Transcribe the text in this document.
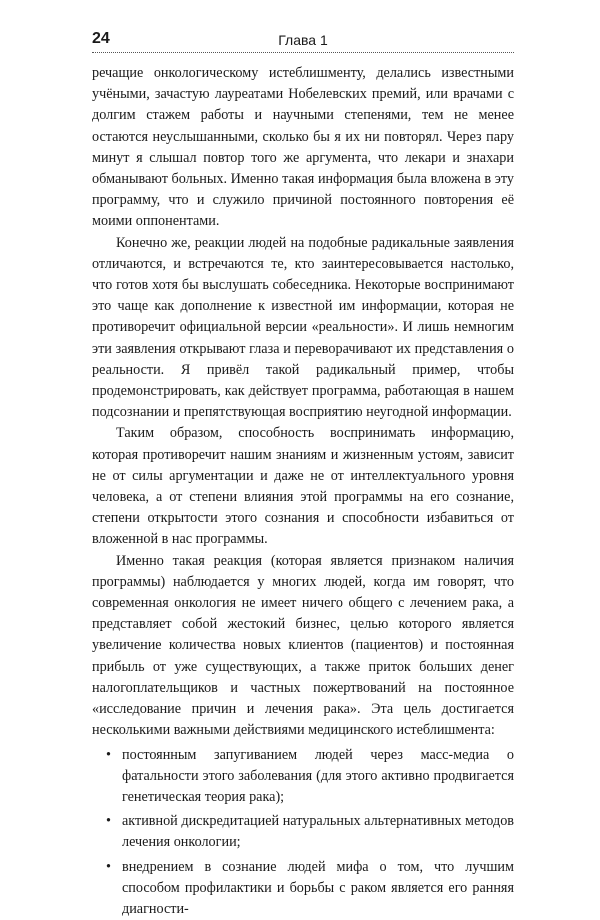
24	Глава 1

речащие онкологическому истеблишменту, делались известными учёными, зачастую лауреатами Нобелевских премий, или врачами с долгим стажем работы и научными степенями, тем не менее остаются неуслышанными, сколько бы я их ни повторял. Через пару минут я слышал повтор того же аргумента, что лекари и знахари обманывают больных. Именно такая информация была вложена в эту программу, что и служило причиной постоянного повторения её моими оппонентами.

Конечно же, реакции людей на подобные радикальные заявления отличаются, и встречаются те, кто заинтересовывается настолько, что готов хотя бы выслушать собеседника. Некоторые воспринимают это чаще как дополнение к известной им информации, которая не противоречит официальной версии «реальности». И лишь немногим эти заявления открывают глаза и переворачивают их представления о реальности. Я привёл такой радикальный пример, чтобы продемонстрировать, как действует программа, работающая в нашем подсознании и препятствующая восприятию неугодной информации.

Таким образом, способность воспринимать информацию, которая противоречит нашим знаниям и жизненным устоям, зависит не от силы аргументации и даже не от интеллектуального уровня человека, а от степени влияния этой программы на его сознание, степени открытости этого сознания и способности избавиться от вложенной в нас программы.

Именно такая реакция (которая является признаком наличия программы) наблюдается у многих людей, когда им говорят, что современная онкология не имеет ничего общего с лечением рака, а представляет собой жестокий бизнес, целью которого является увеличение количества новых клиентов (пациентов) и постоянная прибыль от уже существующих, а также приток больших денег налогоплательщиков и частных пожертвований на постоянное «исследование причин и лечения рака». Эта цель достигается несколькими важными действиями медицинского истеблишмента:

• постоянным запугиванием людей через масс-медиа о фатальности этого заболевания (для этого активно продвигается генетическая теория рака);
• активной дискредитацией натуральных альтернативных методов лечения онкологии;
• внедрением в сознание людей мифа о том, что лучшим способом профилактики и борьбы с раком является его ранняя диагности-
